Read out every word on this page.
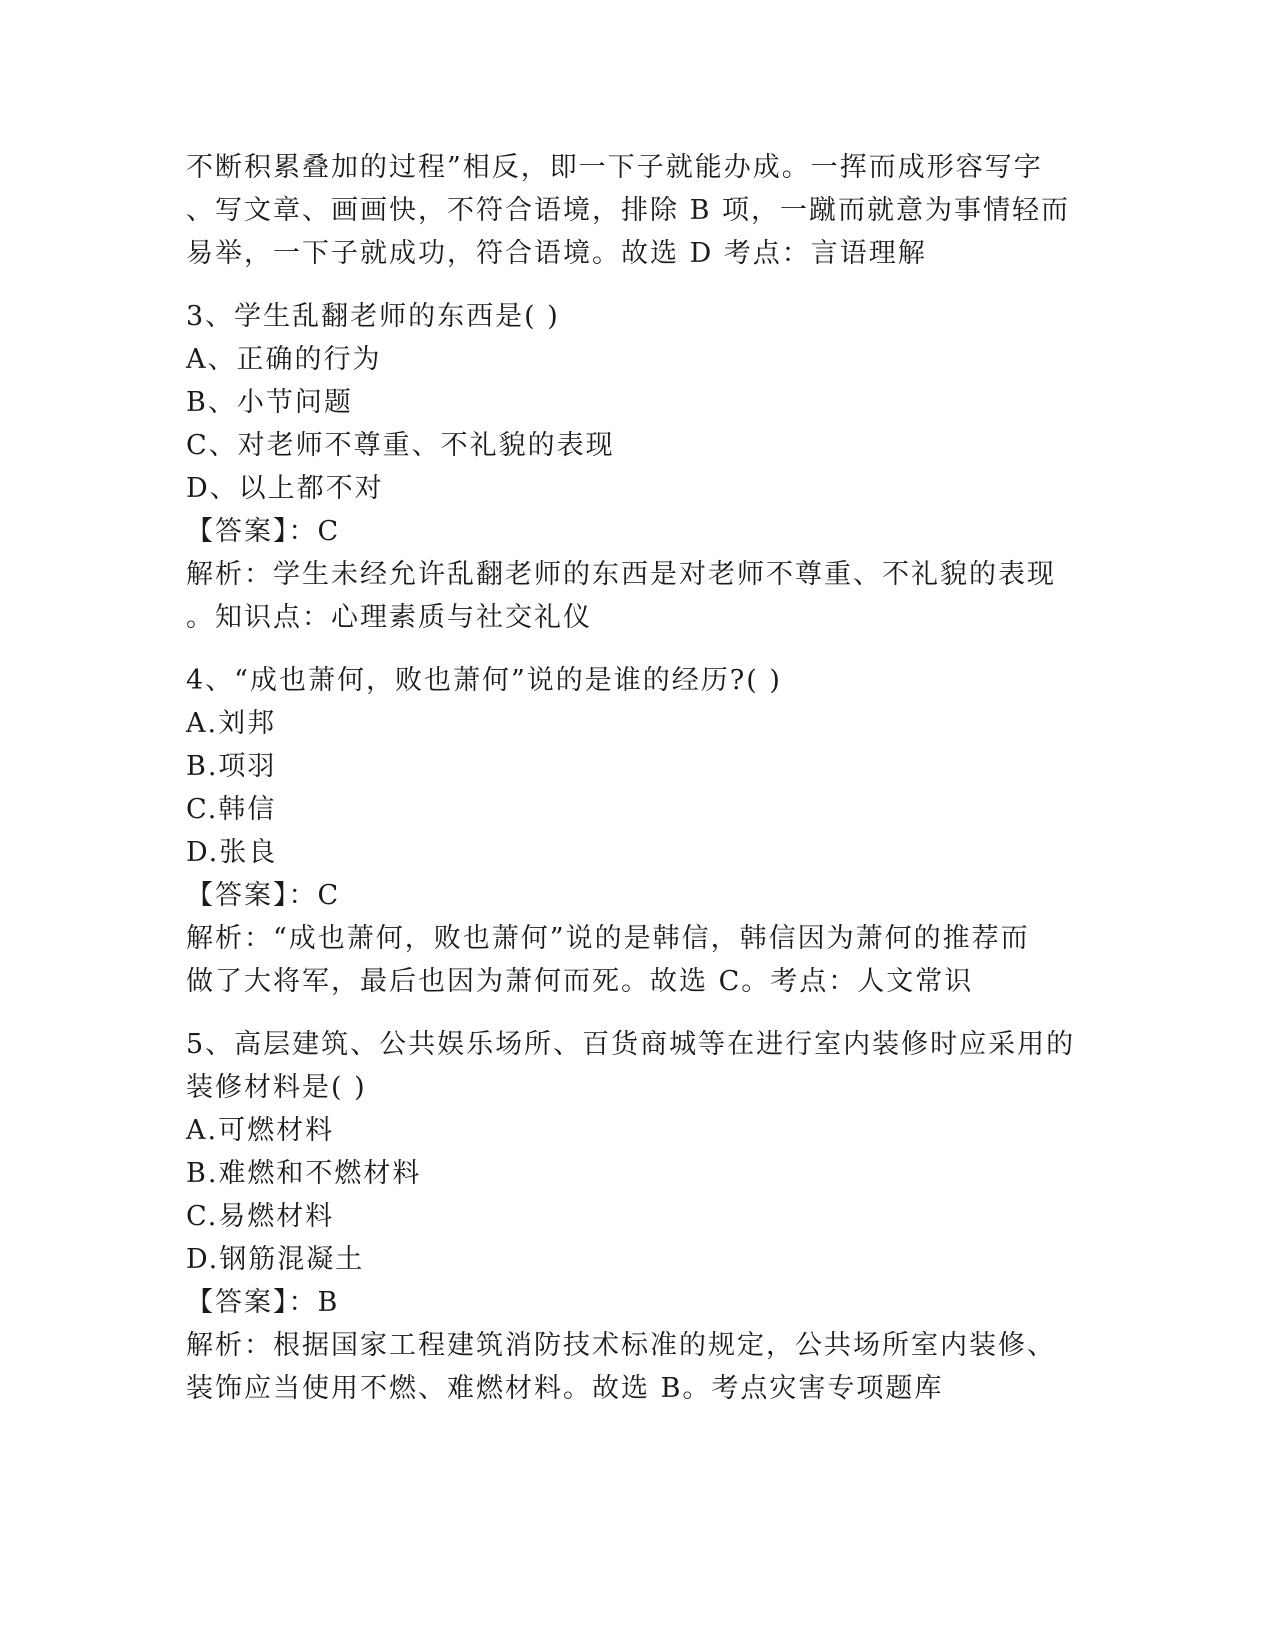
不断积累叠加的过程”相反，即一下子就能办成。一挥而成形容写字
、写文章、画画快，不符合语境，排除 B 项，一蹴而就意为事情轻而
易举，一下子就成功，符合语境。故选 D 考点：言语理解
3、学生乱翻老师的东西是( )
A、正确的行为
B、小节问题
C、对老师不尊重、不礼貌的表现
D、以上都不对
【答案】：C
解析：学生未经允许乱翻老师的东西是对老师不尊重、不礼貌的表现
。知识点：心理素质与社交礼仪
4、“成也萧何，败也萧何”说的是谁的经历?( )
A.刘邦
B.项羽
C.韩信
D.张良
【答案】：C
解析：“成也萧何，败也萧何”说的是韩信，韩信因为萧何的推荐而
做了大将军，最后也因为萧何而死。故选 C。考点：人文常识
5、高层建筑、公共娱乐场所、百货商城等在进行室内装修时应采用的
装修材料是( )
A.可燃材料
B.难燃和不燃材料
C.易燃材料
D.钢筋混凝土
【答案】：B
解析：根据国家工程建筑消防技术标准的规定，公共场所室内装修、
装饰应当使用不燃、难燃材料。故选 B。考点灾害专项题库
